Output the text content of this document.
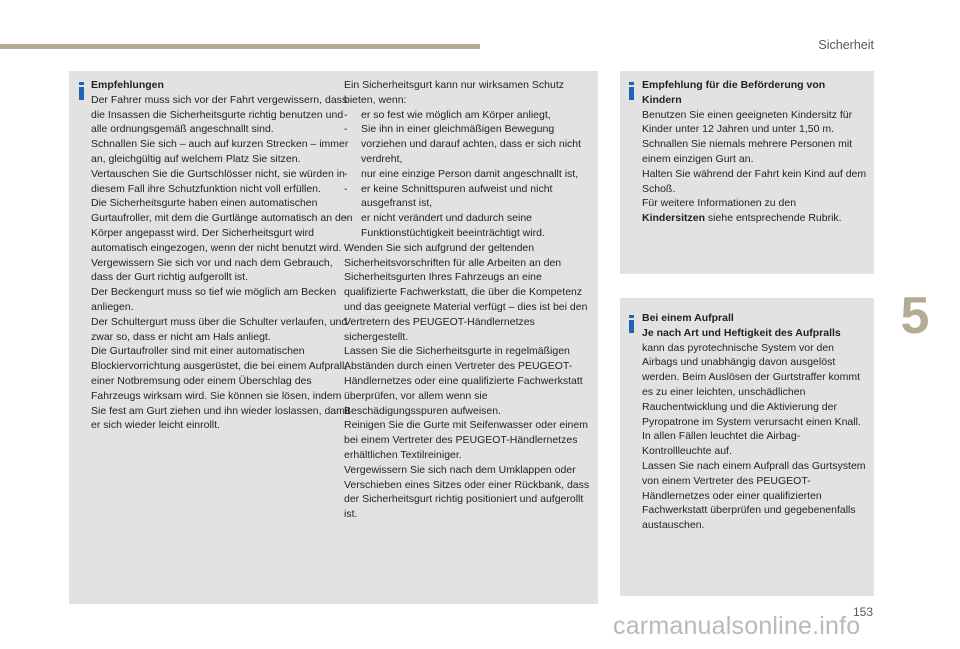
Sicherheit
5
Empfehlungen

Der Fahrer muss sich vor der Fahrt vergewissern, dass die Insassen die Sicherheitsgurte richtig benutzen und alle ordnungsgemäß angeschnallt sind.
Schnallen Sie sich – auch auf kurzen Strecken – immer an, gleichgültig auf welchem Platz Sie sitzen.
Vertauschen Sie die Gurtschlösser nicht, sie würden in diesem Fall ihre Schutzfunktion nicht voll erfüllen.
Die Sicherheitsgurte haben einen automatischen Gurtaufroller, mit dem die Gurtlänge automatisch an den Körper angepasst wird. Der Sicherheitsgurt wird automatisch eingezogen, wenn der nicht benutzt wird.
Vergewissern Sie sich vor und nach dem Gebrauch, dass der Gurt richtig aufgerollt ist.
Der Beckengurt muss so tief wie möglich am Becken anliegen.
Der Schultergurt muss über die Schulter verlaufen, und zwar so, dass er nicht am Hals anliegt.
Die Gurtaufroller sind mit einer automatischen Blockiervorrichtung ausgerüstet, die bei einem Aufprall, einer Notbremsung oder einem Überschlag des Fahrzeugs wirksam wird. Sie können sie lösen, indem Sie fest am Gurt ziehen und ihn wieder loslassen, damit er sich wieder leicht einrollt.

Ein Sicherheitsgurt kann nur wirksamen Schutz bieten, wenn:

- er so fest wie möglich am Körper anliegt,
- Sie ihn in einer gleichmäßigen Bewegung vorziehen und darauf achten, dass er sich nicht verdreht,
- nur eine einzige Person damit angeschnallt ist,
- er keine Schnittspuren aufweist und nicht ausgefranst ist,
- er nicht verändert und dadurch seine Funktionstüchtigkeit beeinträchtigt wird.

Wenden Sie sich aufgrund der geltenden Sicherheitsvorschriften für alle Arbeiten an den Sicherheitsgurten Ihres Fahrzeugs an eine qualifizierte Fachwerkstatt, die über die Kompetenz und das geeignete Material verfügt – dies ist bei den Vertretern des PEUGEOT-Händlernetzes sichergestellt.
Lassen Sie die Sicherheitsgurte in regelmäßigen Abständen durch einen Vertreter des PEUGEOT-Händlernetzes oder eine qualifizierte Fachwerkstatt überprüfen, vor allem wenn sie Beschädigungsspuren aufweisen.
Reinigen Sie die Gurte mit Seifenwasser oder einem bei einem Vertreter des PEUGEOT-Händlernetzes erhältlichen Textilreiniger.
Vergewissern Sie sich nach dem Umklappen oder Verschieben eines Sitzes oder einer Rückbank, dass der Sicherheitsgurt richtig positioniert und aufgerollt ist.

Empfehlung für die Beförderung von Kindern

Benutzen Sie einen geeigneten Kindersitz für Kinder unter 12 Jahren und unter 1,50 m.
Schnallen Sie niemals mehrere Personen mit einem einzigen Gurt an.
Halten Sie während der Fahrt kein Kind auf dem Schoß.
Für weitere Informationen zu den

Kindersitzen siehe entsprechende Rubrik.
Bei einem Aufprall
Je nach Art und Heftigkeit des Aufpralls

kann das pyrotechnische System vor den Airbags und unabhängig davon ausgelöst werden. Beim Auslösen der Gurtstraffer kommt es zu einer leichten, unschädlichen Rauchentwicklung und die Aktivierung der Pyropatrone im System verursacht einen Knall.
In allen Fällen leuchtet die Airbag-Kontrollleuchte auf.
Lassen Sie nach einem Aufprall das Gurtsystem von einem Vertreter des PEUGEOT-Händlernetzes oder einer qualifizierten Fachwerkstatt überprüfen und gegebenenfalls austauschen.

153
carmanualsonline.info
